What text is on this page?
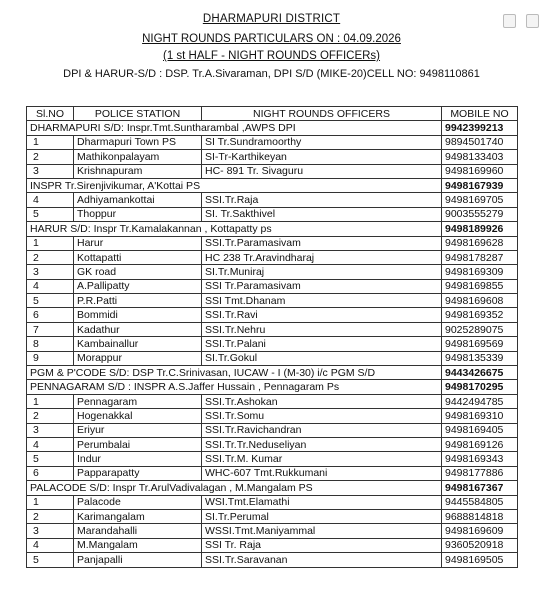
DHARMAPURI DISTRICT
NIGHT ROUNDS PARTICULARS ON : 04.09.2026
(1 st HALF - NIGHT ROUNDS OFFICERs)
DPI & HARUR-S/D : DSP. Tr.A.Sivaraman, DPI S/D (MIKE-20)CELL NO: 9498110861
Sl.NO	POLICE STATION	NIGHT ROUNDS OFFICERS	MOBILE NO
DHARMAPURI S/D: Inspr.Tmt.Suntharambal ,AWPS DPI			9942399213
1	Dharmapuri Town PS	SI Tr.Sundramoorthy	9894501740
2	Mathikonpalayam	SI-Tr-Karthikeyan	9498133403
3	Krishnapuram	HC- 891 Tr. Sivaguru	9498169960
INSPR Tr.Sirenjivikumar, A'Kottai PS			9498167939
4	Adhiyamankottai	SSI.Tr.Raja	9498169705
5	Thoppur	SI. Tr.Sakthivel	9003555279
HARUR S/D: Inspr Tr.Kamalakannan , Kottapatty ps			9498189926
1	Harur	SSI.Tr.Paramasivam	9498169628
2	Kottapatti	HC 238 Tr.Aravindharaj	9498178287
3	GK road	SI.Tr.Muniraj	9498169309
4	A.Pallipatty	SSI Tr.Paramasivam	9498169855
5	P.R.Patti	SSI Tmt.Dhanam	9498169608
6	Bommidi	SSI.Tr.Ravi	9498169352
7	Kadathur	SSI.Tr.Nehru	9025289075
8	Kambainallur	SSI.Tr.Palani	9498169569
9	Morappur	SI.Tr.Gokul	9498135339
PGM & P'CODE S/D: DSP Tr.C.Srinivasan, IUCAW - I (M-30) i/c PGM S/D			9443426675
PENNAGARAM S/D : INSPR A.S.Jaffer Hussain , Pennagaram Ps			9498170295
1	Pennagaram	SSI.Tr.Ashokan	9442494785
2	Hogenakkal	SSI.Tr.Somu	9498169310
3	Eriyur	SSI.Tr.Ravichandran	9498169405
4	Perumbalai	SSI.Tr.Tr.Neduseliyan	9498169126
5	Indur	SSI.Tr.M. Kumar	9498169343
6	Papparapatty	WHC-607 Tmt.Rukkumani	9498177886
PALACODE S/D: Inspr Tr.ArulVadivalagan , M.Mangalam PS			9498167367
1	Palacode	WSI.Tmt.Elamathi	9445584805
2	Karimangalam	SI.Tr.Perumal	9688814818
3	Marandahalli	WSSI.Tmt.Maniyammal	9498169609
4	M.Mangalam	SSI Tr. Raja	9360520918
5	Panjapalli	SSI.Tr.Saravanan	9498169505
